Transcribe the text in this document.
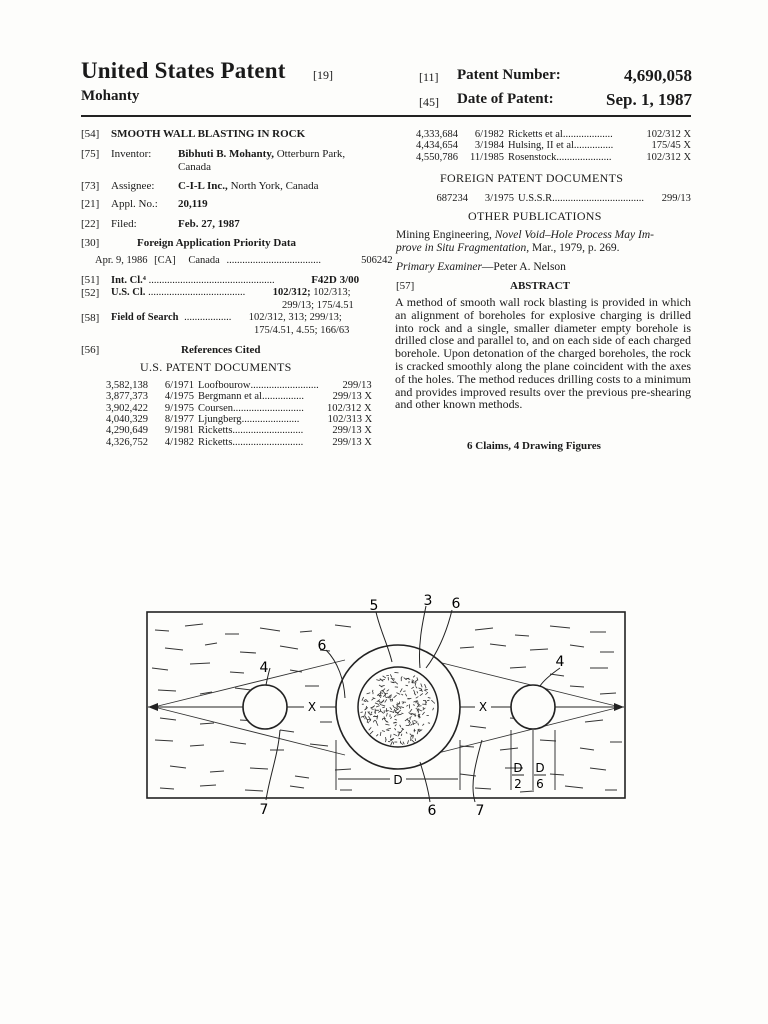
United States Patent [19]
Mohanty
[11] Patent Number:	4,690,058
[45] Date of Patent:	Sep. 1, 1987
[54] SMOOTH WALL BLASTING IN ROCK
[75] Inventor: Bibhuti B. Mohanty, Otterburn Park,
Canada
[73] Assignee: C-I-L Inc., North York, Canada
[21] Appl. No.: 20,119
[22] Filed:	Feb. 27, 1987
[30]	Foreign Application Priority Data
Apr. 9, 1986 [CA] Canada ....................................	506242
[51] Int. Cl.⁴ ................................................	F42D 3/00
[52] U.S. Cl. .....................................	102/312; 102/313;
299/13; 175/4.51
[58] Field of Search .................. 102/312, 313; 299/13;
175/4.51, 4.55; 166/63
[56]	References Cited
U.S. PATENT DOCUMENTS
3,582,138 6/1971 Loofbourow.......................... 299/13
3,877,373 4/1975 Bergmann et al................	299/13 X
3,902,422 9/1975 Coursen........................... 102/312 X
4,040,329 8/1977 Ljungberg......................	102/313 X
4,290,649 9/1981 Ricketts...........................	299/13 X
4,326,752 4/1982 Ricketts...........................	299/13 X
4,333,684 6/1982 Ricketts et al...................	102/312 X
4,434,654 3/1984 Hulsing, II et al...............	175/45 X
4,550,786 11/1985 Rosenstock.....................	102/312 X
FOREIGN PATENT DOCUMENTS
687234 3/1975 U.S.S.R................................... 299/13
OTHER PUBLICATIONS
Mining Engineering, Novel Void–Hole Process May Im-
prove in Situ Fragmentation, Mar., 1979, p. 269.
Primary Examiner—Peter A. Nelson
[57]	ABSTRACT
A method of smooth wall rock blasting is provided in which an alignment of boreholes for explosive charging is drilled into rock and a single, smaller diameter empty borehole is drilled close and parallel to, and on each side of each charged borehole. Upon detonation of the charged boreholes, the rock is cracked smoothly along the plane coincident with the axes of the holes. The method reduces drilling costs to a minimum and provides improved results over the previous pre-shearing and other known methods.
6 Claims, 4 Drawing Figures
X	X
D
D
2
D
6
5	3 6
6
4	4
7	6	7
